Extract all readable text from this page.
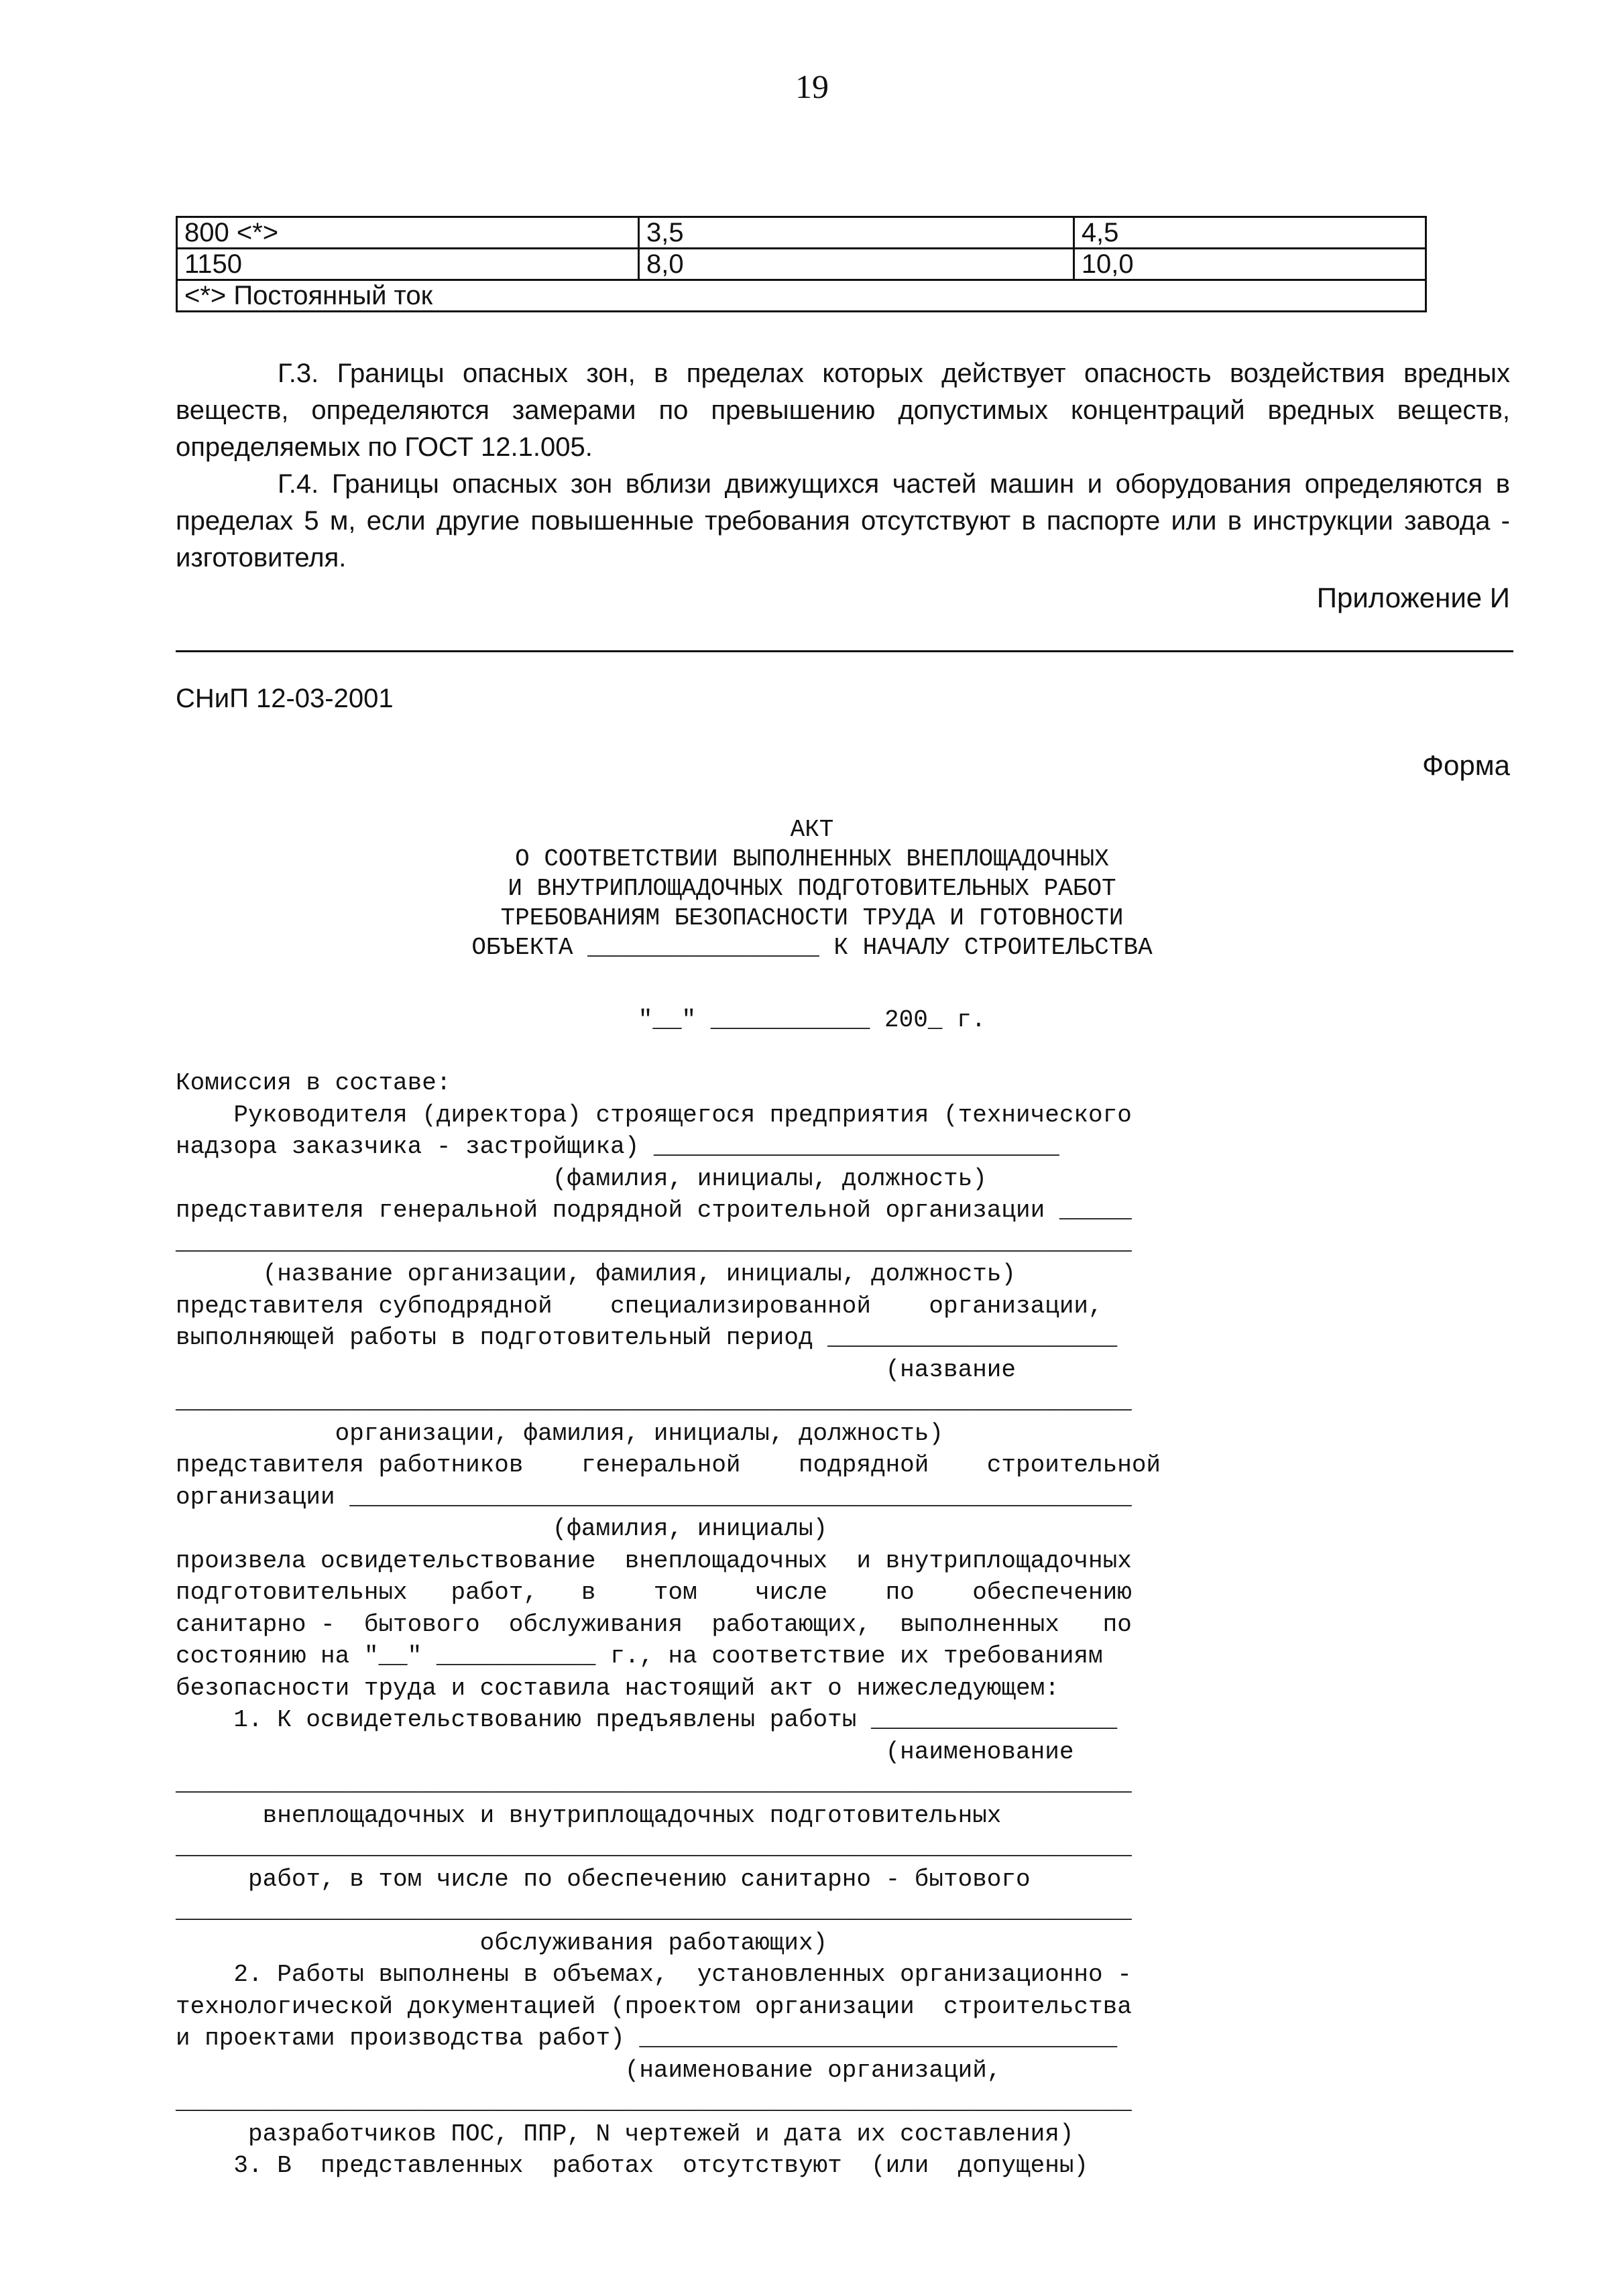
19
800 <*>	3,5	4,5
1150	8,0	10,0
<*> Постоянный ток		

Г.3. Границы опасных зон, в пределах которых действует опасность воздействия вредных веществ, определяются замерами по превышению допустимых концентраций вредных веществ, определяемых по ГОСТ 12.1.005.

Г.4. Границы опасных зон вблизи движущихся частей машин и оборудования определяются в пределах 5 м, если другие повышенные требования отсутствуют в паспорте или в инструкции завода - изготовителя.

Приложение И
СНиП 12-03-2001
Форма
АКТ
О СООТВЕТСТВИИ ВЫПОЛНЕННЫХ ВНЕПЛОЩАДОЧНЫХ
И ВНУТРИПЛОЩАДОЧНЫХ ПОДГОТОВИТЕЛЬНЫХ РАБОТ
ТРЕБОВАНИЯМ БЕЗОПАСНОСТИ ТРУДА И ГОТОВНОСТИ
ОБЪЕКТА ________________ К НАЧАЛУ СТРОИТЕЛЬСТВА
"__" ___________ 200_ г.
Комиссия в составе:
Руководителя (директора) строящегося предприятия (технического
надзора заказчика - застройщика) ____________________________
(фамилия, инициалы, должность)
представителя генеральной подрядной строительной организации _____
__________________________________________________________________
(название организации, фамилия, инициалы, должность)
представителя субподрядной    специализированной    организации,
выполняющей работы в подготовительный период ____________________
(название
__________________________________________________________________
организации, фамилия, инициалы, должность)
представителя работников    генеральной    подрядной    строительной
организации ______________________________________________________
(фамилия, инициалы)
произвела освидетельствование  внеплощадочных  и внутриплощадочных
подготовительных   работ,   в    том    числе    по    обеспечению
санитарно -  бытового  обслуживания  работающих,  выполненных   по
состоянию на "__" ___________ г., на соответствие их требованиям
безопасности труда и составила настоящий акт о нижеследующем:
1. К освидетельствованию предъявлены работы _________________
(наименование
__________________________________________________________________
внеплощадочных и внутриплощадочных подготовительных
__________________________________________________________________
работ, в том числе по обеспечению санитарно - бытового
__________________________________________________________________
обслуживания работающих)
2. Работы выполнены в объемах,  установленных организационно -
технологической документацией (проектом организации  строительства
и проектами производства работ) _________________________________
(наименование организаций,
__________________________________________________________________
разработчиков ПОС, ППР, N чертежей и дата их составления)
3. В  представленных  работах  отсутствуют  (или  допущены)
